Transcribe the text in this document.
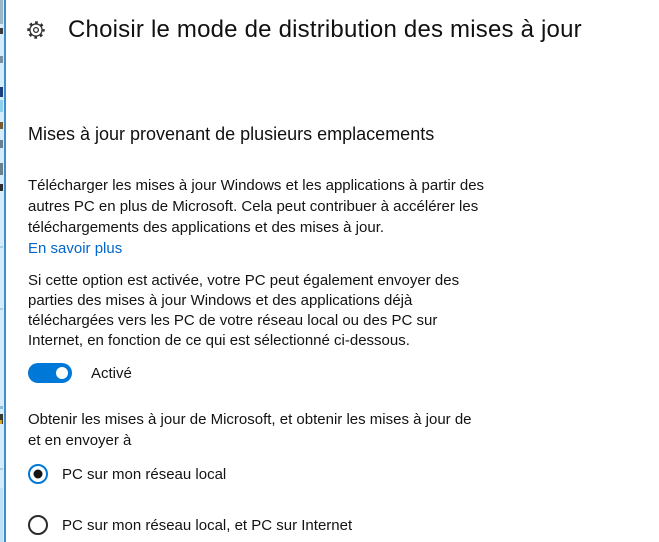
Choisir le mode de distribution des mises à jour
Mises à jour provenant de plusieurs emplacements
Télécharger les mises à jour Windows et les applications à partir des
autres PC en plus de Microsoft. Cela peut contribuer à accélérer les
téléchargements des applications et des mises à jour.
En savoir plus
Si cette option est activée, votre PC peut également envoyer des
parties des mises à jour Windows et des applications déjà
téléchargées vers les PC de votre réseau local ou des PC sur
Internet, en fonction de ce qui est sélectionné ci-dessous.
Activé
Obtenir les mises à jour de Microsoft, et obtenir les mises à jour de
et en envoyer à
PC sur mon réseau local
PC sur mon réseau local, et PC sur Internet
